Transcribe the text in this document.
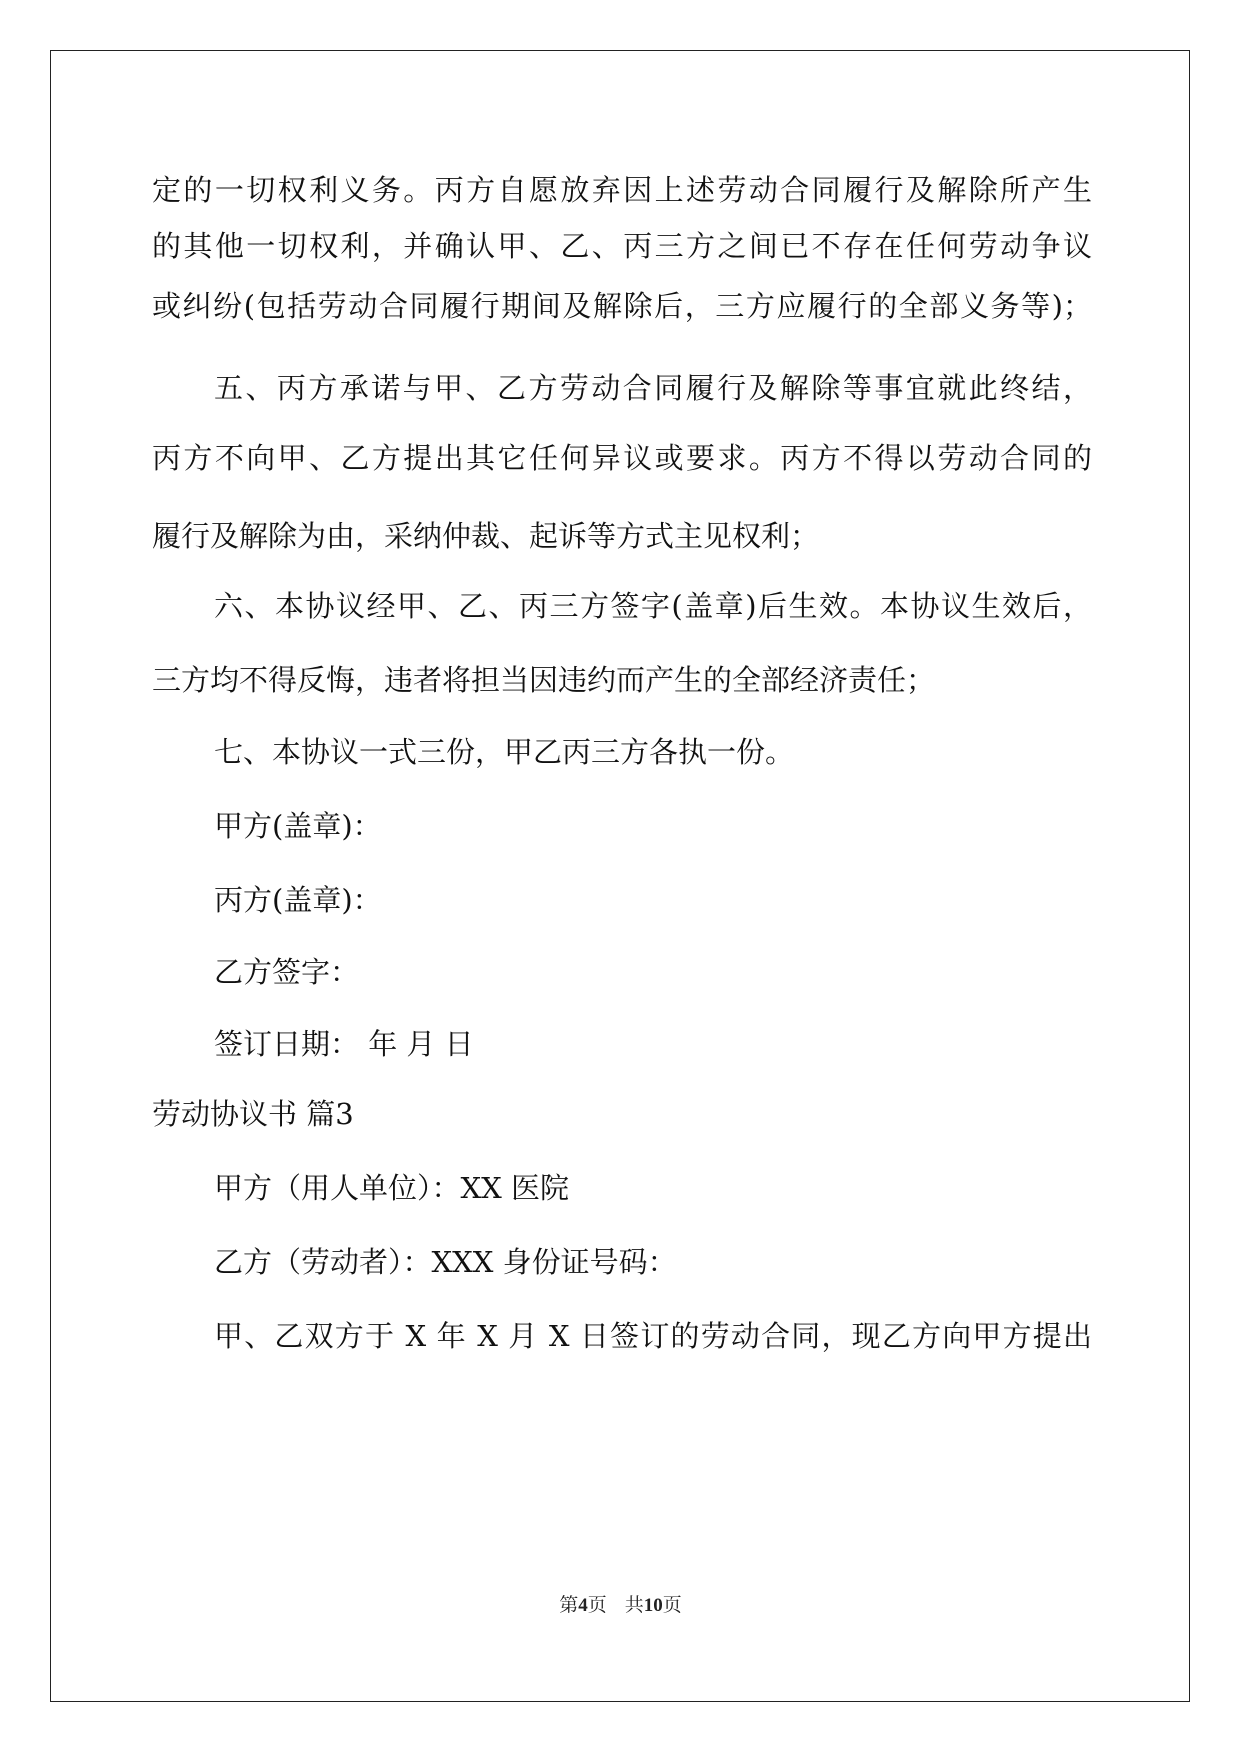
定的一切权利义务。丙方自愿放弃因上述劳动合同履行及解除所产生
的其他一切权利，并确认甲、乙、丙三方之间已不存在任何劳动争议
或纠纷(包括劳动合同履行期间及解除后，三方应履行的全部义务等)；
五、丙方承诺与甲、乙方劳动合同履行及解除等事宜就此终结，
丙方不向甲、乙方提出其它任何异议或要求。丙方不得以劳动合同的
履行及解除为由，采纳仲裁、起诉等方式主见权利；
六、本协议经甲、乙、丙三方签字(盖章)后生效。本协议生效后，
三方均不得反悔，违者将担当因违约而产生的全部经济责任；
七、本协议一式三份，甲乙丙三方各执一份。
甲方(盖章)：
丙方(盖章)：
乙方签字：
签订日期： 年 月 日
劳动协议书 篇3
甲方（用人单位）：XX 医院
乙方（劳动者）：XXX 身份证号码：
甲、乙双方于 X 年 X 月 X 日签订的劳动合同，现乙方向甲方提出
第4页 共10页
